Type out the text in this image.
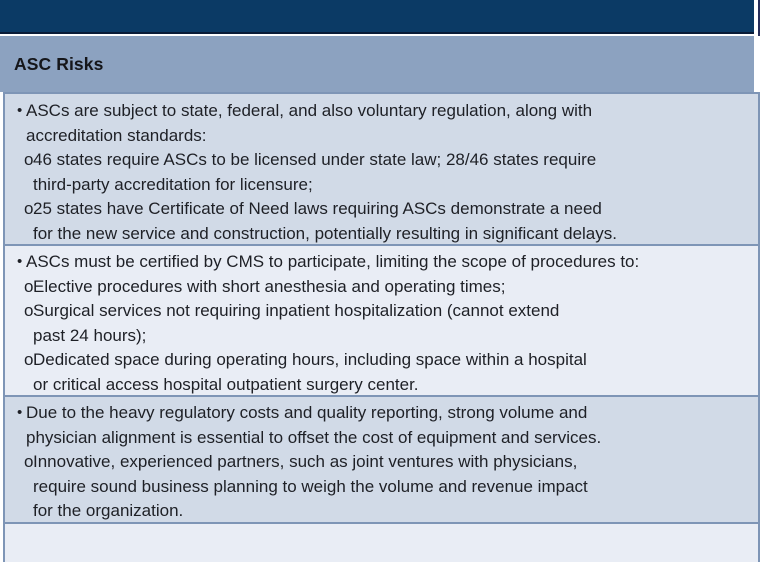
ASC Risks
• ASCs are subject to state, federal, and also voluntary regulation, along with
accreditation standards:
o 46 states require ASCs to be licensed under state law; 28/46 states require
third-party accreditation for licensure;
o 25 states have Certificate of Need laws requiring ASCs demonstrate a need
for the new service and construction, potentially resulting in significant delays.
• ASCs must be certified by CMS to participate, limiting the scope of procedures to:
o Elective procedures with short anesthesia and operating times;
o Surgical services not requiring inpatient hospitalization (cannot extend
past 24 hours);
o Dedicated space during operating hours, including space within a hospital
or critical access hospital outpatient surgery center.
• Due to the heavy regulatory costs and quality reporting, strong volume and
physician alignment is essential to offset the cost of equipment and services.
o Innovative, experienced partners, such as joint ventures with physicians,
require sound business planning to weigh the volume and revenue impact
for the organization.
